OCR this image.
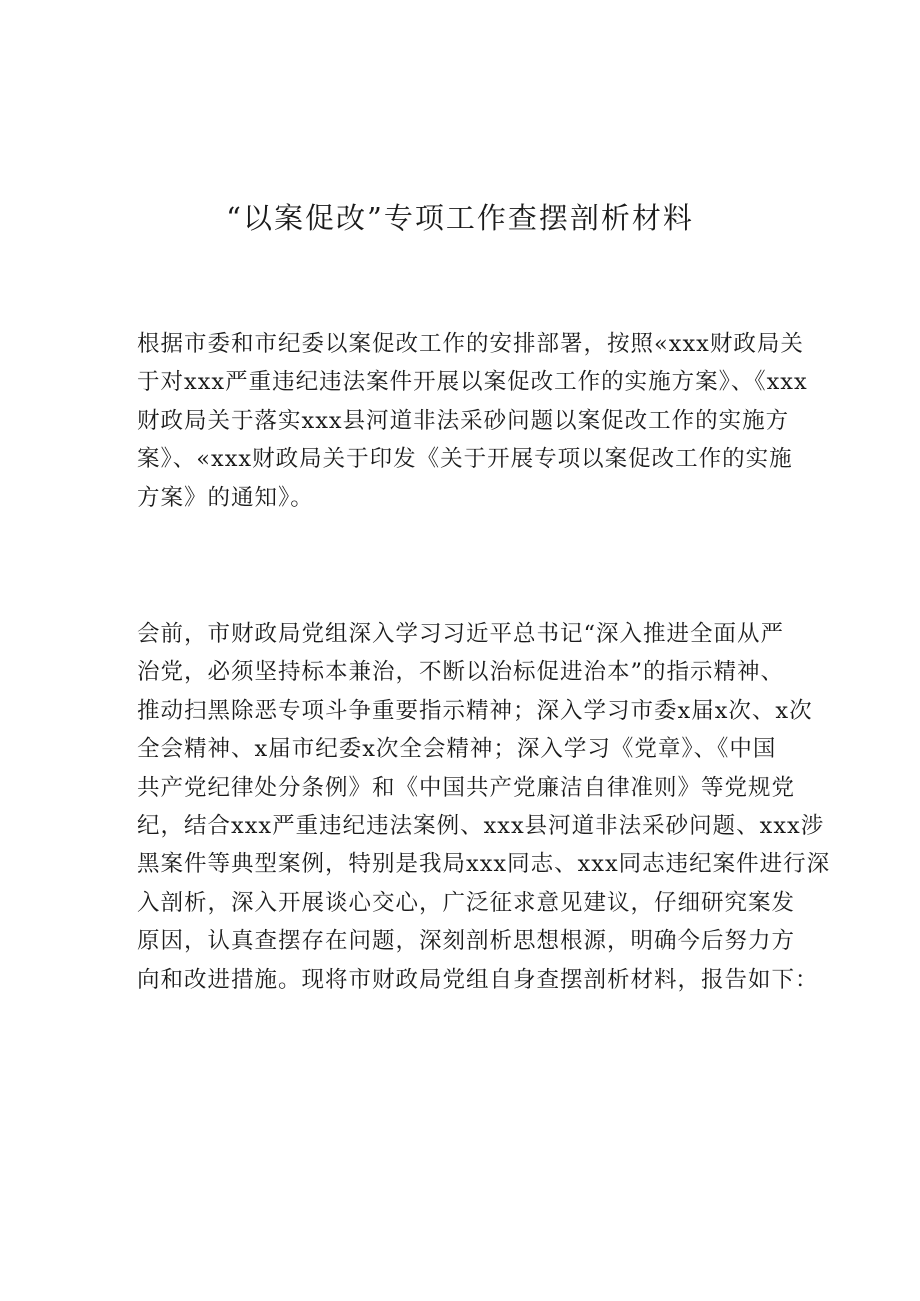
“以案促改”专项工作查摆剖析材料

根据市委和市纪委以案促改工作的安排部署，按照«xxx财政局关
于对xxx严重违纪违法案件开展以案促改工作的实施方案》、《xxx
财政局关于落实xxx县河道非法采砂问题以案促改工作的实施方
案》、«xxx财政局关于印发《关于开展专项以案促改工作的实施
方案》的通知》。

会前，市财政局党组深入学习习近平总书记“深入推进全面从严
治党，必须坚持标本兼治，不断以治标促进治本”的指示精神、
推动扫黑除恶专项斗争重要指示精神；深入学习市委x届x次、x次
全会精神、x届市纪委x次全会精神；深入学习《党章》、《中国
共产党纪律处分条例》和《中国共产党廉洁自律准则》等党规党
纪，结合xxx严重违纪违法案例、xxx县河道非法采砂问题、xxx涉
黑案件等典型案例，特别是我局xxx同志、xxx同志违纪案件进行深
入剖析，深入开展谈心交心，广泛征求意见建议，仔细研究案发
原因，认真查摆存在问题，深刻剖析思想根源，明确今后努力方
向和改进措施。现将市财政局党组自身查摆剖析材料，报告如下：
